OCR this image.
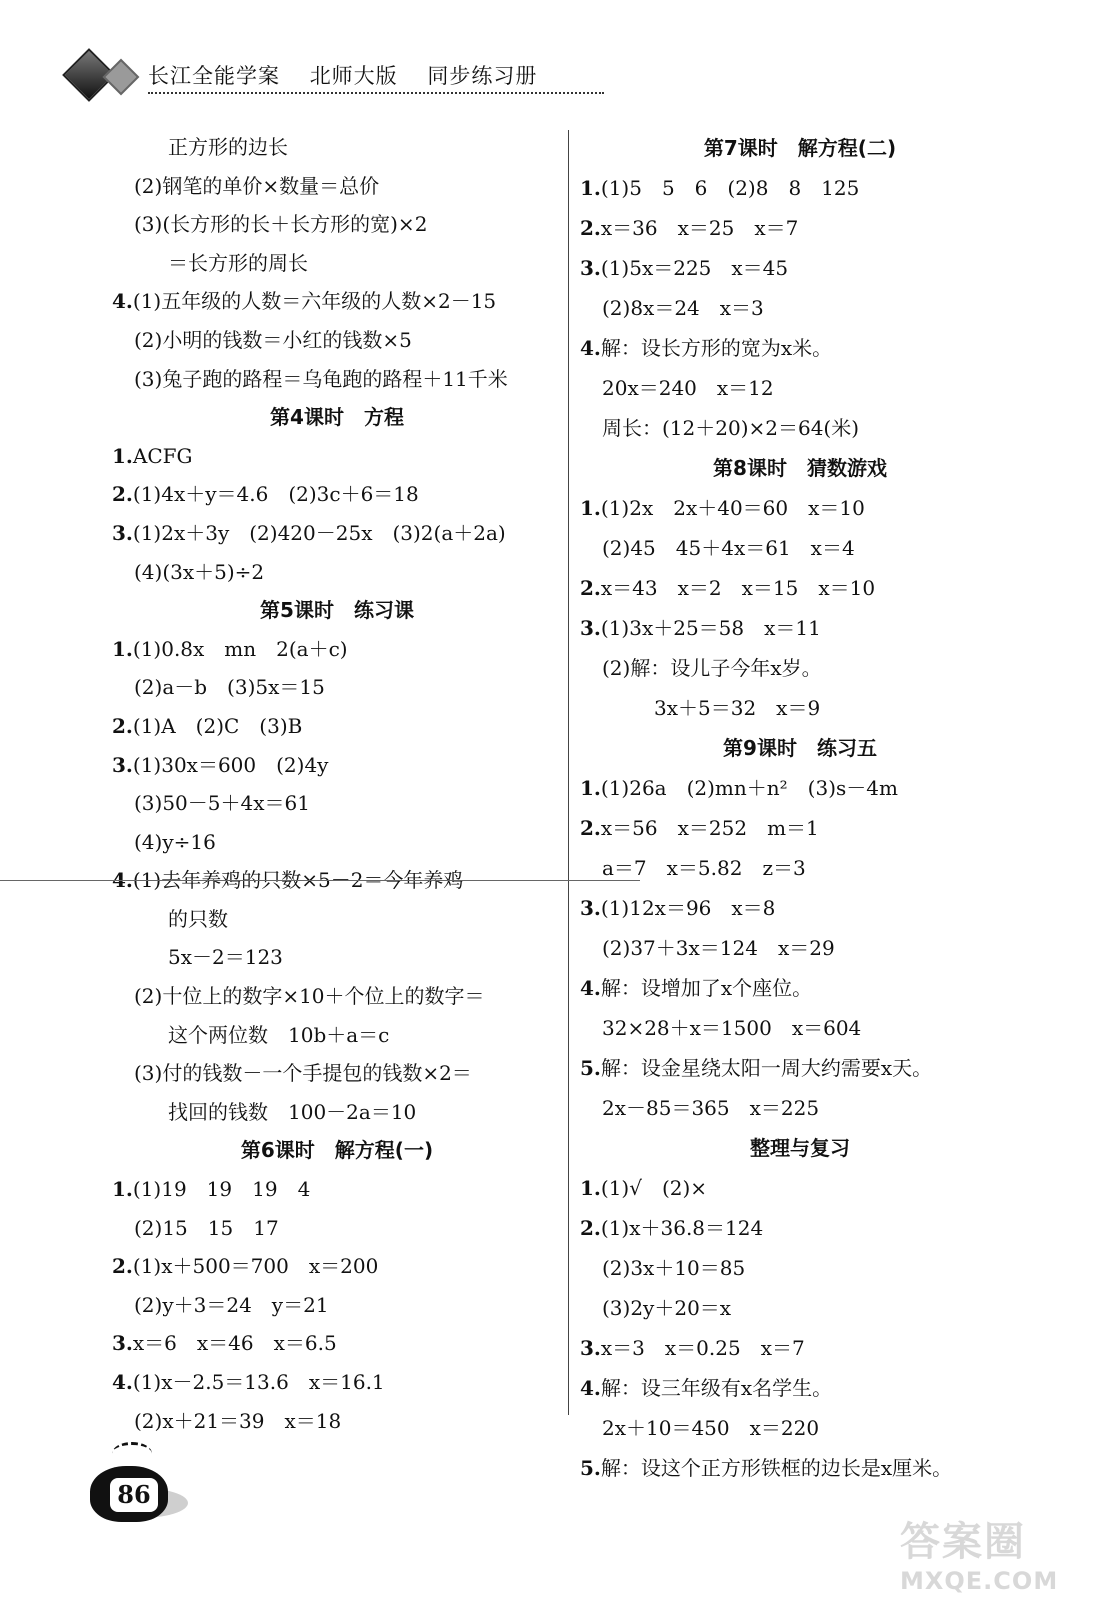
长江全能学案 北师大版 同步练习册
正方形的边长
(2)钢笔的单价×数量＝总价
(3)(长方形的长＋长方形的宽)×2
＝长方形的周长
4.(1)五年级的人数＝六年级的人数×2－15
(2)小明的钱数＝小红的钱数×5
(3)兔子跑的路程＝乌龟跑的路程＋11千米
第4课时　方程
1.ACFG
2.(1)4x＋y＝4.6　(2)3c＋6＝18
3.(1)2x＋3y　(2)420－25x　(3)2(a＋2a)
(4)(3x＋5)÷2
第5课时　练习课
1.(1)0.8x　mn　2(a＋c)
(2)a－b　(3)5x＝15
2.(1)A　(2)C　(3)B
3.(1)30x＝600　(2)4y
(3)50－5＋4x＝61
(4)y÷16
4.(1)去年养鸡的只数×5－2＝今年养鸡
的只数
5x－2＝123
(2)十位上的数字×10＋个位上的数字＝
这个两位数　10b＋a＝c
(3)付的钱数－一个手提包的钱数×2＝
找回的钱数　100－2a＝10
第6课时　解方程(一)
1.(1)19　19　19　4
(2)15　15　17
2.(1)x＋500＝700　x＝200
(2)y＋3＝24　y＝21
3.x＝6　x＝46　x＝6.5
4.(1)x－2.5＝13.6　x＝16.1
(2)x＋21＝39　x＝18
第7课时　解方程(二)
1.(1)5　5　6　(2)8　8　125
2.x＝36　x＝25　x＝7
3.(1)5x＝225　x＝45
(2)8x＝24　x＝3
4.解：设长方形的宽为x米。
20x＝240　x＝12
周长：(12＋20)×2＝64(米)
第8课时　猜数游戏
1.(1)2x　2x＋40＝60　x＝10
(2)45　45＋4x＝61　x＝4
2.x＝43　x＝2　x＝15　x＝10
3.(1)3x＋25＝58　x＝11
(2)解：设儿子今年x岁。
3x＋5＝32　x＝9
第9课时　练习五
1.(1)26a　(2)mn＋n²　(3)s－4m
2.x＝56　x＝252　m＝1
a＝7　x＝5.82　z＝3
3.(1)12x＝96　x＝8
(2)37＋3x＝124　x＝29
4.解：设增加了x个座位。
32×28＋x＝1500　x＝604
5.解：设金星绕太阳一周大约需要x天。
2x－85＝365　x＝225
整理与复习
1.(1)√　(2)×
2.(1)x＋36.8＝124
(2)3x＋10＝85
(3)2y＋20＝x
3.x＝3　x＝0.25　x＝7
4.解：设三年级有x名学生。
2x＋10＝450　x＝220
5.解：设这个正方形铁框的边长是x厘米。
86
答案圈
MXQE.COM
